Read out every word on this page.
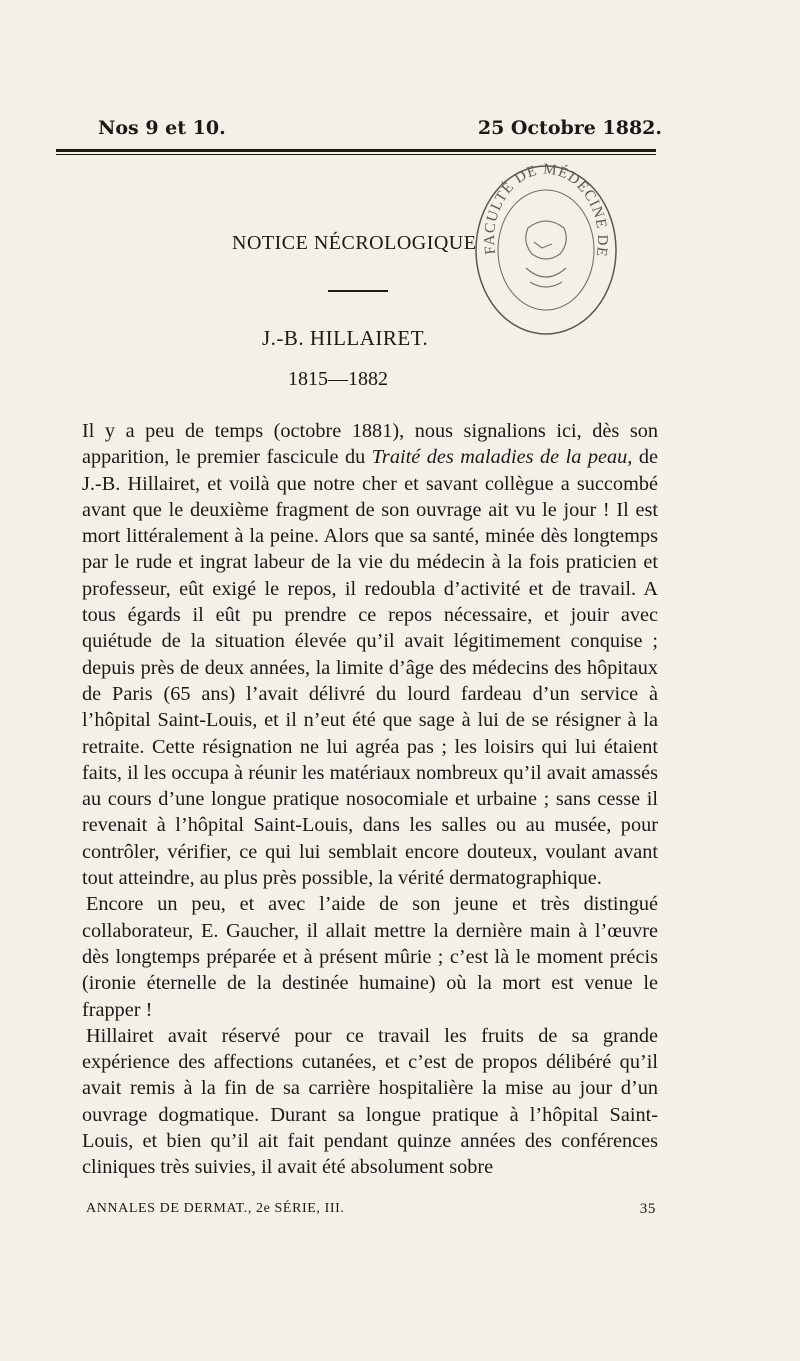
Nos 9 et 10.	25 Octobre 1882.
FACULTÉ DE MÉDECINE DE
NOTICE NÉCROLOGIQUE
J.-B. HILLAIRET.
1815—1882

Il y a peu de temps (octobre 1881), nous signalions ici, dès son apparition, le premier fascicule du Traité des maladies de la peau, de J.-B. Hillairet, et voilà que notre cher et savant collègue a succombé avant que le deuxième fragment de son ouvrage ait vu le jour ! Il est mort littéralement à la peine. Alors que sa santé, minée dès longtemps par le rude et ingrat labeur de la vie du médecin à la fois praticien et professeur, eût exigé le repos, il redoubla d’activité et de travail. A tous égards il eût pu prendre ce repos nécessaire, et jouir avec quiétude de la situation élevée qu’il avait légitimement conquise ; depuis près de deux années, la limite d’âge des médecins des hôpitaux de Paris (65 ans) l’avait délivré du lourd fardeau d’un service à l’hôpital Saint-Louis, et il n’eut été que sage à lui de se résigner à la retraite. Cette résignation ne lui agréa pas ; les loisirs qui lui étaient faits, il les occupa à réunir les matériaux nombreux qu’il avait amassés au cours d’une longue pratique nosocomiale et urbaine ; sans cesse il revenait à l’hôpital Saint-Louis, dans les salles ou au musée, pour contrôler, vérifier, ce qui lui semblait encore douteux, voulant avant tout atteindre, au plus près possible, la vérité dermatographique.

Encore un peu, et avec l’aide de son jeune et très distingué collaborateur, E. Gaucher, il allait mettre la dernière main à l’œuvre dès longtemps préparée et à présent mûrie ; c’est là le moment précis (ironie éternelle de la destinée humaine) où la mort est venue le frapper !

Hillairet avait réservé pour ce travail les fruits de sa grande expérience des affections cutanées, et c’est de propos délibéré qu’il avait remis à la fin de sa carrière hospitalière la mise au jour d’un ouvrage dogmatique. Durant sa longue pratique à l’hôpital Saint-Louis, et bien qu’il ait fait pendant quinze années des conférences cliniques très suivies, il avait été absolument sobre

ANNALES DE DERMAT., 2e SÉRIE, III.	35
